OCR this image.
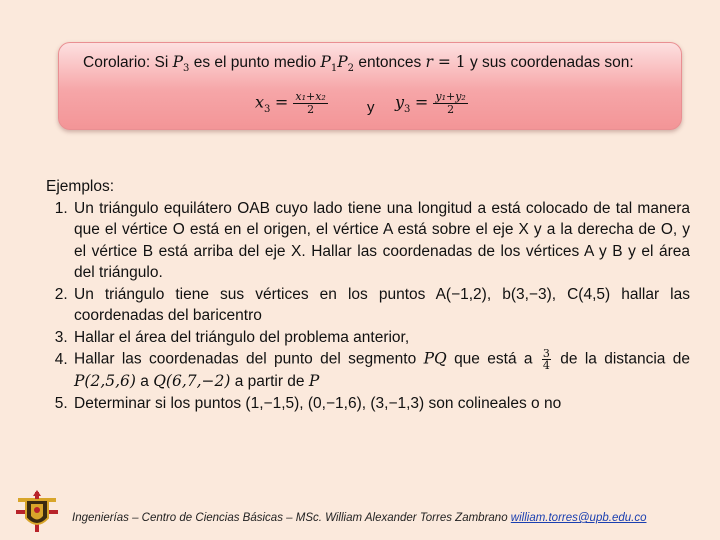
Corolario: Si $P_3$ es el punto medio $P_1P_2$ entonces r = 1 y sus coordenadas son:
$x_3 = \frac{\text{x₁+x₂}}{2}$	y $y_3 = \frac{\text{y₁+y₂}}{2}$

Ejemplos:

1. Un triángulo equilátero OAB cuyo lado tiene una longitud a está colocado de tal manera que el vértice O está en el origen, el vértice A está sobre el eje X y a la derecha de O, y el vértice B está arriba del eje X. Hallar las coordenadas de los vértices A y B y el área del triángulo.
2. Un triángulo tiene sus vértices en los puntos A(−1,2), b(3,−3), C(4,5) hallar las coordenadas del baricentro
3. Hallar el área del triángulo del problema anterior,
4. Hallar las coordenadas del punto del segmento PQ que está a $\frac{3}{4}$ de la distancia de P(2,5,6) a Q(6,7,−2) a partir de P
5. Determinar si los puntos (1,−1,5), (0,−1,6), (3,−1,3) son colineales o no
Ingenierías – Centro de Ciencias Básicas – MSc. William Alexander Torres Zambrano william.torres@upb.edu.co
